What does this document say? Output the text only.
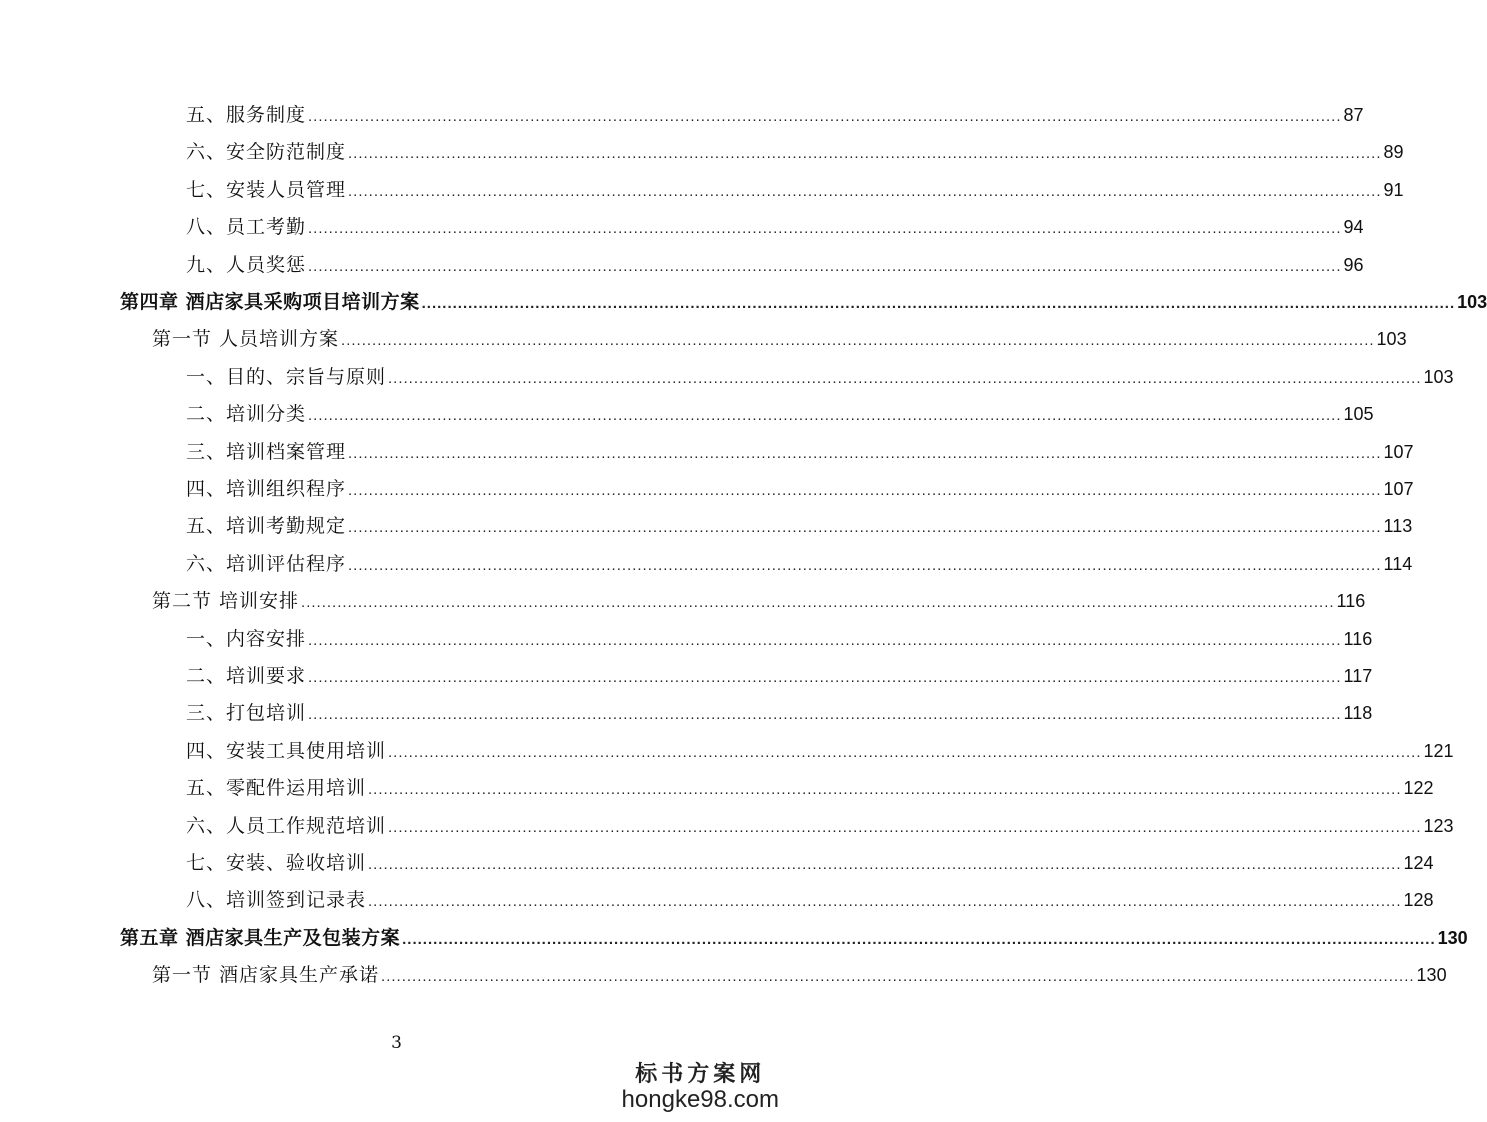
五、服务制度 ........................................................................................................................................................................................................ 87
六、安全防范制度 ........................................................................................................................................................................................................ 89
七、安装人员管理 ........................................................................................................................................................................................................ 91
八、员工考勤 ........................................................................................................................................................................................................ 94
九、人员奖惩 ........................................................................................................................................................................................................ 96
第四章 酒店家具采购项目培训方案 ........................................................................................................................................................................................................ 103
第一节 人员培训方案 ........................................................................................................................................................................................................ 103
一、目的、宗旨与原则 ........................................................................................................................................................................................................ 103
二、培训分类 ........................................................................................................................................................................................................ 105
三、培训档案管理 ........................................................................................................................................................................................................ 107
四、培训组织程序 ........................................................................................................................................................................................................ 107
五、培训考勤规定 ........................................................................................................................................................................................................ 113
六、培训评估程序 ........................................................................................................................................................................................................ 114
第二节 培训安排 ........................................................................................................................................................................................................ 116
一、内容安排 ........................................................................................................................................................................................................ 116
二、培训要求 ........................................................................................................................................................................................................ 117
三、打包培训 ........................................................................................................................................................................................................ 118
四、安装工具使用培训 ........................................................................................................................................................................................................ 121
五、零配件运用培训 ........................................................................................................................................................................................................ 122
六、人员工作规范培训 ........................................................................................................................................................................................................ 123
七、安装、验收培训 ........................................................................................................................................................................................................ 124
八、培训签到记录表 ........................................................................................................................................................................................................ 128
第五章 酒店家具生产及包装方案 ........................................................................................................................................................................................................ 130
第一节 酒店家具生产承诺 ........................................................................................................................................................................................................ 130
3
标书方案网
hongke98.com
